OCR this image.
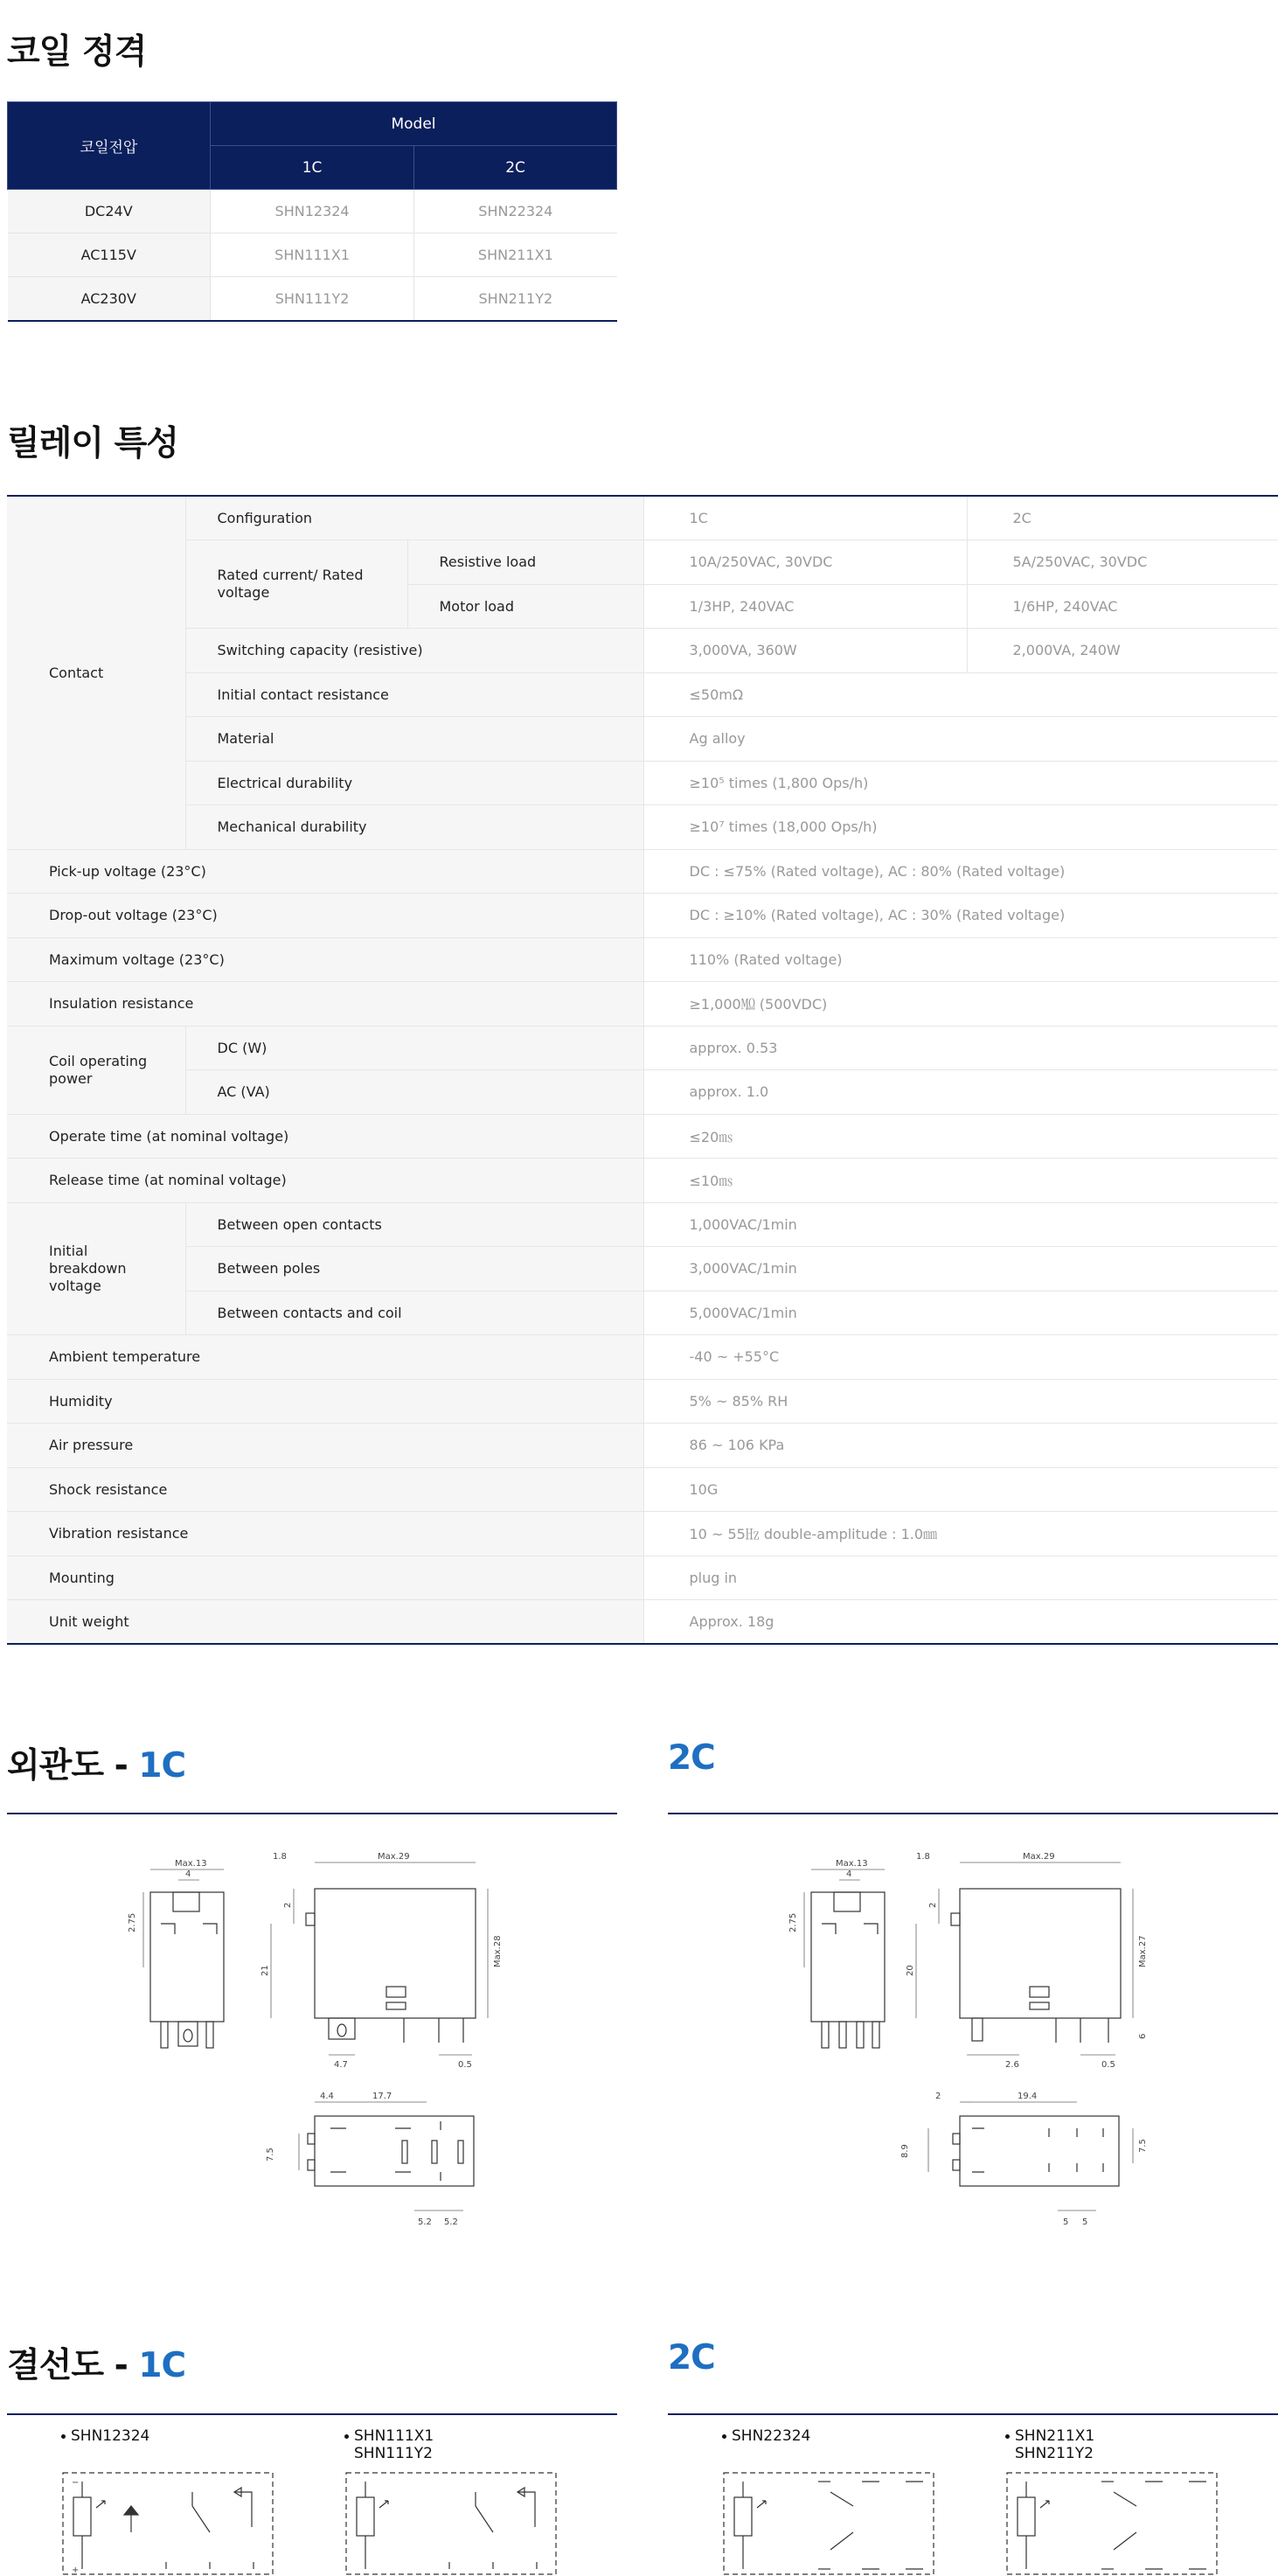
코일 정격
코일전압	Model	
	1C	2C
DC24V	SHN12324	SHN22324
AC115V	SHN111X1	SHN211X1
AC230V	SHN111Y2	SHN211Y2
릴레이 특성
Contact	Configuration		1C	2C
	Rated current/ Rated voltage	Resistive load	10A/250VAC, 30VDC	5A/250VAC, 30VDC
		Motor load	1/3HP, 240VAC	1/6HP, 240VAC
	Switching capacity (resistive)		3,000VA, 360W	2,000VA, 240W
	Initial contact resistance		≤50mΩ	
	Material		Ag alloy	
	Electrical durability		≥10⁵ times (1,800 Ops/h)	
	Mechanical durability		≥10⁷ times (18,000 Ops/h)	
Pick-up voltage (23°C)			DC : ≤75% (Rated voltage), AC : 80% (Rated voltage)	
Drop-out voltage (23°C)			DC : ≥10% (Rated voltage), AC : 30% (Rated voltage)	
Maximum voltage (23°C)			110% (Rated voltage)	
Insulation resistance			≥1,000㏁ (500VDC)	
Coil operating power	DC (W)		approx. 0.53	
	AC (VA)		approx. 1.0	
Operate time (at nominal voltage)			≤20㎳	
Release time (at nominal voltage)			≤10㎳	
Initial breakdown voltage	Between open contacts		1,000VAC/1min	
	Between poles		3,000VAC/1min	
	Between contacts and coil		5,000VAC/1min	
Ambient temperature			-40 ~ +55°C	
Humidity			5% ~ 85% RH	
Air pressure			86 ~ 106 KPa	
Shock resistance			10G	
Vibration resistance			10 ~ 55㎐ double-amplitude : 1.0㎜	
Mounting			plug in	
Unit weight			Approx. 18g	
외관도 - 1C	2C
Max.13
4
2.75
1.8	Max.29
2
21
Max.28
4.7	0.5
4.4	17.7
7.5
5.2 5.2
Max.13
4
2.75
1.8	Max.29
2
20
Max.27
6
2.6	0.5
2	19.4
8.9	7.5
5 5
결선도 - 1C	2C
SHN12324	SHN111X1
SHN111Y2
SHN22324	SHN211X1
SHN211Y2
−
+
